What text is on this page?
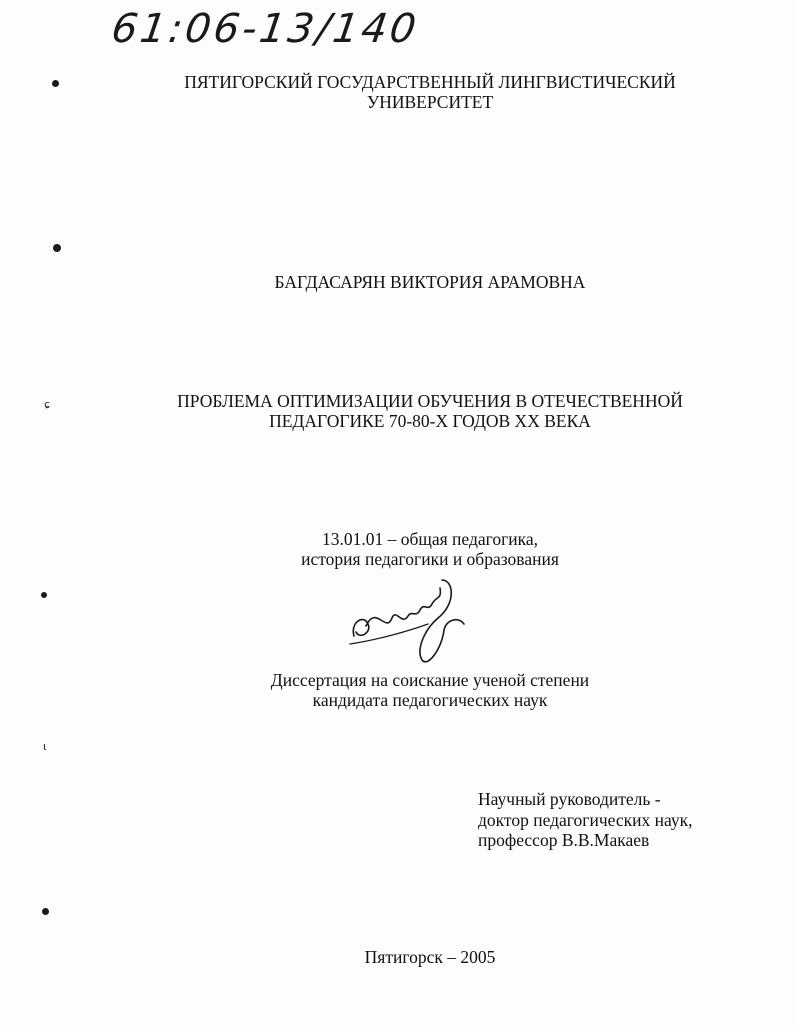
61:06-13/140
ɕ
ɩ
ПЯТИГОРСКИЙ ГОСУДАРСТВЕННЫЙ ЛИНГВИСТИЧЕСКИЙ
УНИВЕРСИТЕТ
БАГДАСАРЯН ВИКТОРИЯ АРАМОВНА
ПРОБЛЕМА ОПТИМИЗАЦИИ ОБУЧЕНИЯ В ОТЕЧЕСТВЕННОЙ
ПЕДАГОГИКЕ 70-80-Х ГОДОВ XX ВЕКА
13.01.01 – общая педагогика,
история педагогики и образования
Диссертация на соискание ученой степени
кандидата педагогических наук
Научный руководитель -
доктор педагогических наук,
профессор В.В.Макаев
Пятигорск – 2005
